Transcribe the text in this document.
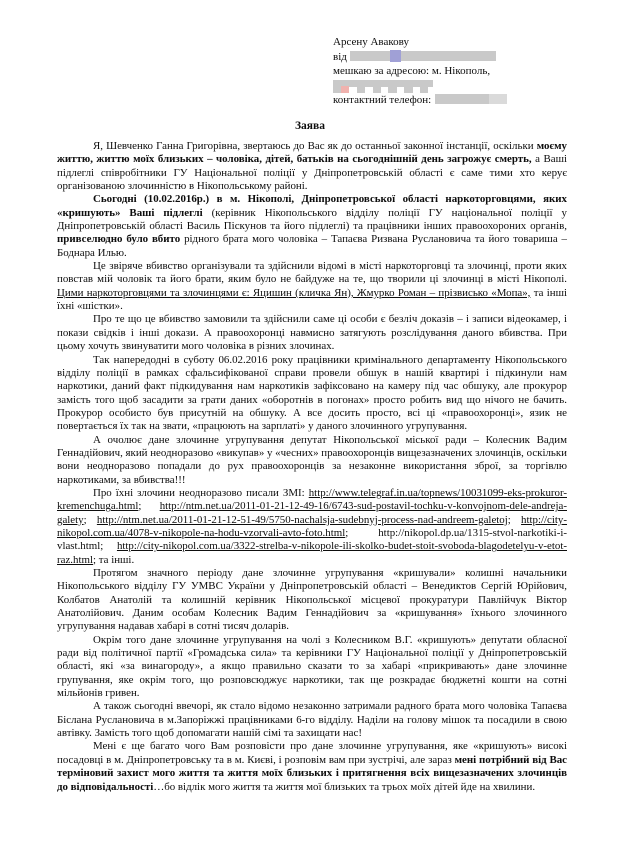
Арсену Авакову
від
мешкаю за адресою: м. Нікополь,
контактний телефон:
Заява

Я, Шевченко Ганна Григорівна, звертаюсь до Вас як до останньої законної інстанції, оскільки моєму життю, життю моїх близьких – чоловіка, дітей, батьків на сьогоднішній день загрожує смерть, а Ваші підлеглі співробітники ГУ Національної поліції у Дніпропетровській області є саме тими хто керує організованою злочинністю в Нікопольському районі.

Сьогодні (10.02.2016р.) в м. Нікополі, Дніпропетровської області наркоторговцями, яких «кришують» Ваші підлеглі (керівник Нікопольського відділу поліції ГУ національної поліції у Дніпропетровській області Василь Піскунов та його підлеглі) та працівники інших правоохороних органів, привселюдно було вбито рідного брата мого чоловіка – Тапаєва Ризвана Руслановича та його товариша – Боднара Илью.

Це звіряче вбивство організували та здійснили відомі в місті наркоторговці та злочинці, проти яких повстав мій чоловік та його брати, яким було не байдуже на те, що творили ці злочинці в місті Нікополі. Цими наркоторговцями та злочинцями є: Яцишин (кличка Ян), Жмурко Роман – прізвисько «Мопа», та інші їхні «шістки».

Про те що це вбивство замовили та здійснили саме ці особи є безліч доказів – і записи відеокамер, і покази свідків і інші докази. А правоохоронці навмисно затягують розслідування даного вбивства. При цьому хочуть звинуватити мого чоловіка в різних злочинах.

Так напередодні в суботу 06.02.2016 року працівники кримінального департаменту Нікопольського відділу поліції в рамках сфальсифікованої справи провели обшук в нашій квартирі і підкинули нам наркотики, даний факт підкидування нам наркотиків зафіксовано на камеру під час обшуку, але прокурор замість того щоб засадити за грати даних «оборотнів в погонах» просто робить вид що нічого не бачить. Прокурор особисто був присутній на обшуку. А все досить просто, всі ці «правоохоронці», язик не повертається їх так на звати, «працюють на зарплаті» у даного злочинного угрупування.

А очолює дане злочинне угрупування депутат Нікопольської міської ради – Колесник Вадим Геннадійович, який неодноразово «викупав» у «чесних» правоохоронців вищезазначених злочинців, оскільки вони неодноразово попадали до рух правоохоронців за незаконне використання зброї, за торгівлю наркотиками, за вбивства!!!

Про їхні злочини неодноразово писали ЗМІ: http://www.telegraf.in.ua/topnews/10031099-eks-prokuror-kremenchuga.html; http://ntm.net.ua/2011-01-21-12-49-16/6743-sud-postavil-tochku-v-konvojnom-dele-andreja-galety; http://ntm.net.ua/2011-01-21-12-51-49/5750-nachalsja-sudebnyj-process-nad-andreem-galetoj; http://city-nikopol.com.ua/4078-v-nikopole-na-hodu-vzorvali-avto-foto.html; http://nikopol.dp.ua/1315-stvol-narkotiki-i-vlast.html; http://city-nikopol.com.ua/3322-strelba-v-nikopole-ili-skolko-budet-stoit-svoboda-blagodetelyu-v-etot-raz.html; та інші.

Протягом значного періоду дане злочинне угрупування «кришували» колишні начальники Нікопольського відділу ГУ УМВС України у Дніпропетровській області – Венедиктов Сергій Юрійович, Колбатов Анатолій та колишній керівник Нікопольської місцевої прокуратури Павлійчук Віктор Анатолійович. Даним особам Колесник Вадим Геннадійович за «кришування» їхнього злочинного угрупування надавав хабарі в сотні тисяч доларів.

Окрім того дане злочинне угрупування на чолі з Колесником В.Г. «кришують» депутати обласної ради від політичної партії «Громадська сила» та керівники ГУ Національної поліції у Дніпропетровській області, які «за винагороду», а якщо правильно сказати то за хабарі «прикривають» дане злочинне групування, яке окрім того, що розповсюджує наркотики, так ще розкрадає бюджетні кошти на сотні мільйонів гривен.

А також сьогодні ввечорі, як стало відомо незаконно затримали радного брата мого чоловіка Тапаєва Біслана Руслановича в м.Запоріжжі працівниками 6-го відділу. Наділи на голову мішок та посадили в свою автівку. Замість того щоб допомагати нашій сімі та захищати нас!

Мені є ще багато чого Вам розповісти про дане злочинне угрупування, яке «кришують» високі посадовці в м. Дніпропетровську та в м. Києві, і розповім вам при зустрічі, але зараз мені потрібний від Вас терміновий захист мого життя та життя моїх близьких і притягнення всіх вищезазначених злочинців до відповідальності…бо відлік мого життя та життя мої близьких та трьох моїх дітей йде на хвилини.
